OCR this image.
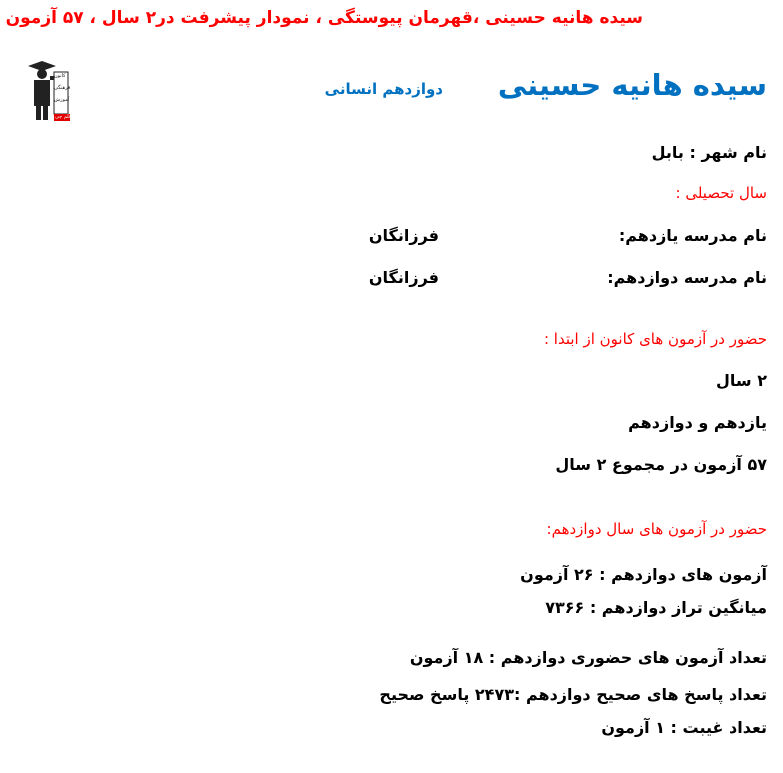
سیده هانیه حسینی ،قهرمان پیوستگی ، نمودار پیشرفت در۲ سال ، ۵۷ آزمون
کانون
فرهنگی
آموزش
قلم چی
سیده هانیه حسینی
دوازدهم انسانی
نام شهر : بابل
سال تحصیلی :
نام مدرسه یازدهم:
فرزانگان
نام مدرسه دوازدهم:
فرزانگان
حضور در آزمون های کانون از ابتدا :
۲ سال
یازدهم و دوازدهم
۵۷ آزمون در مجموع ۲ سال
حضور در آزمون های سال دوازدهم:
آزمون های دوازدهم : ۲۶ آزمون
میانگین تراز دوازدهم : ۷۳۶۶
تعداد آزمون های حضوری دوازدهم : ۱۸ آزمون
تعداد پاسخ های صحیح دوازدهم :۲۴۷۳ پاسخ صحیح
تعداد غیبت : ۱ آزمون
